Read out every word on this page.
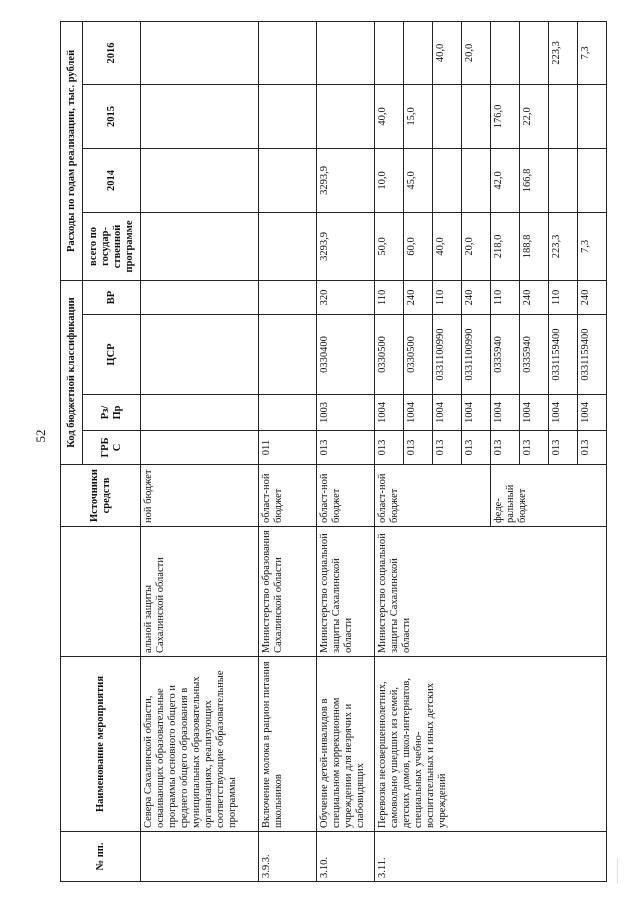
52
№ пп.	Наименование мероприятия		Источники средств	Код бюджетной классификации				Расходы по годам реализации, тыс. рублей			
				ГРБ С	Рз/ Пр	ЦСР	ВР	всего по государ-ственной программе	2014	2015	2016
	Севера Сахалинской области, осваивающих образовательные программы основного общего и среднего общего образования в муниципальных образовательных организациях, реализующих соответствующие образовательные программы	альной защиты Сахалинской области	ной бюджет								
3.9.3.	Включение молока в рацион питания школьников	Министерство образования Сахалинской области	област-ной бюджет	011							
3.10.	Обучение детей-инвалидов в специальном коррекционном учреждении для незрячих и слабовидящих	Министерство социальной защиты Сахалинской области	област-ной бюджет	013	1003	0330400	320	3293,9	3293,9		
3.11.	Перевозка несовершеннолетних, самовольно ушедших из семей, детских домов, школ-интернатов, специальных учебно-воспитательных и иных детских учреждений	Министерство социальной защиты Сахалинской области	област-ной бюджет	013	1004	0330500	110	50,0	10,0	40,0	
				013	1004	0330500	240	60,0	45,0	15,0	
				013	1004	0331100990	110	40,0			40,0
				013	1004	0331100990	240	20,0			20,0
			феде-ральный бюджет	013	1004	0335940	110	218,0	42,0	176,0	
				013	1004	0335940	240	188,8	166,8	22,0	
				013	1004	0331159400	110	223,3			223,3
				013	1004	0331159400	240	7,3			7,3
